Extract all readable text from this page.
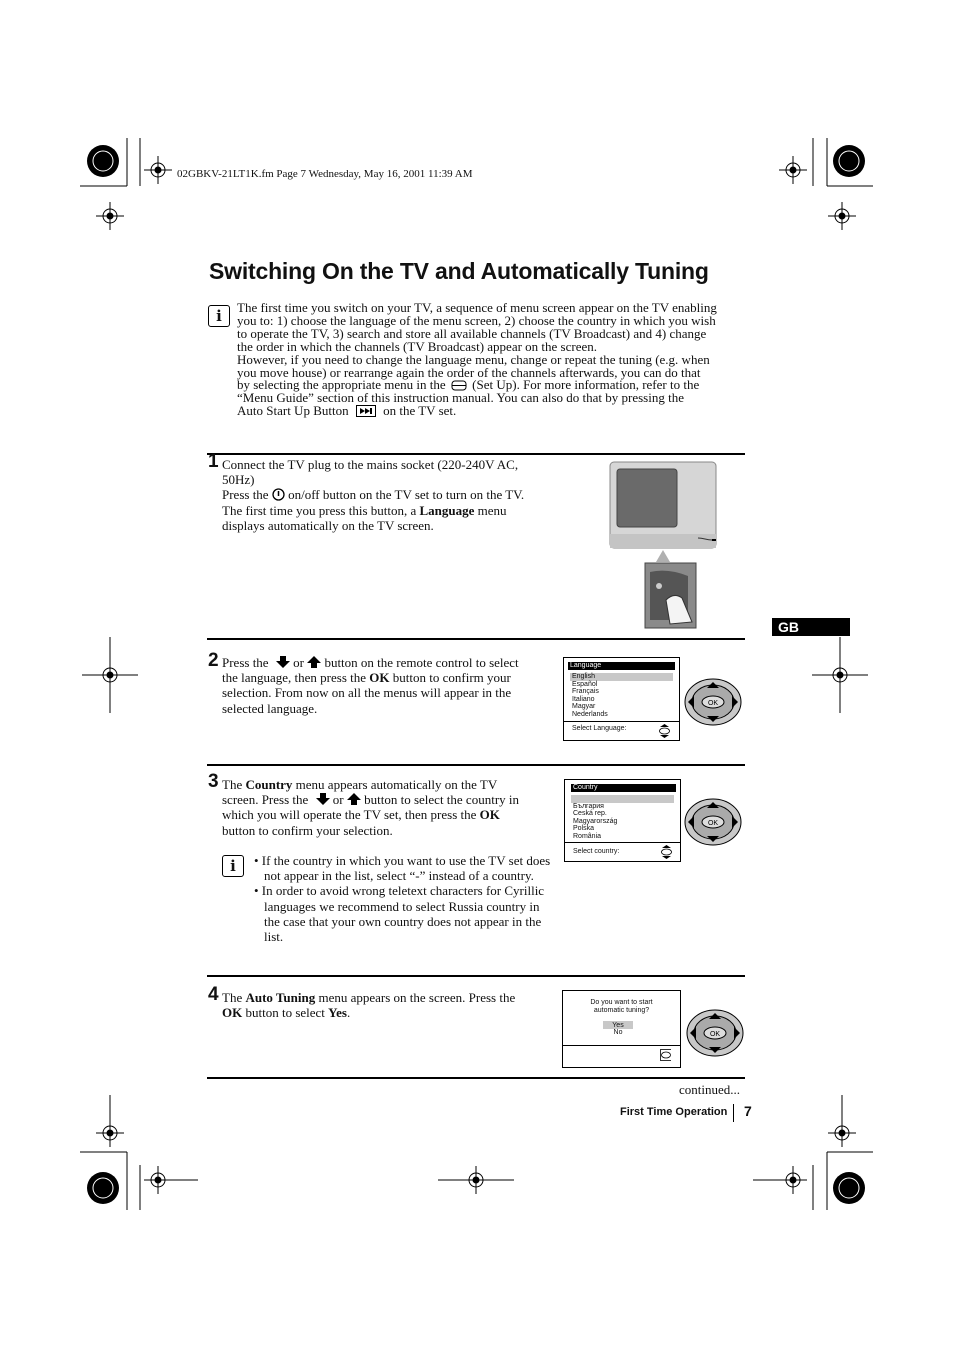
02GBKV-21LT1K.fm Page 7 Wednesday, May 16, 2001 11:39 AM
Switching On the TV and Automatically Tuning
i	The first time you switch on your TV, a sequence of menu screen appear on the TV enabling
you to: 1) choose the language of the menu screen, 2) choose the country in which you wish
to operate the TV, 3) search and store all available channels (TV Broadcast) and 4) change
the order in which the channels (TV Broadcast) appear on the screen.
However, if you need to change the language menu, change or repeat the tuning (e.g. when
you move house) or rearrange again the order of the channels afterwards, you can do that
by selecting the appropriate menu in the (Set Up). For more information, refer to the
“Menu Guide” section of this instruction manual. You can also do that by pressing the
Auto Start Up Button	on the TV set.
1 Connect the TV plug to the mains socket (220-240V AC,
50Hz)
Press the on/off button on the TV set to turn on the TV.
The first time you press this button, a Language menu
displays automatically on the TV screen.
2 Press the or button on the remote control to select
the language, then press the OK button to confirm your
selection. From now on all the menus will appear in the
selected language.
Language
English
Español
Français
Italiano
Magyar
Nederlands
Select Language:
OK
GB
3 The Country menu appears automatically on the TV
screen. Press the or button to select the country in
which you will operate the TV set, then press the OK
button to confirm your selection.
i	• If the country in which you want to use the TV set does not appear in the list, select “-” instead of a country.
• In order to avoid wrong teletext characters for Cyrillic languages we recommend to select Russia country in the case that your own country does not appear in the list.
Country
-
България
Ceská rep.
Magyarország
Polska
România
Select country:
OK
4 The Auto Tuning menu appears on the screen. Press the
OK button to select Yes.
Do you want to start
automatic tuning?
Yes
No	OK
continued...
First Time Operation 7
